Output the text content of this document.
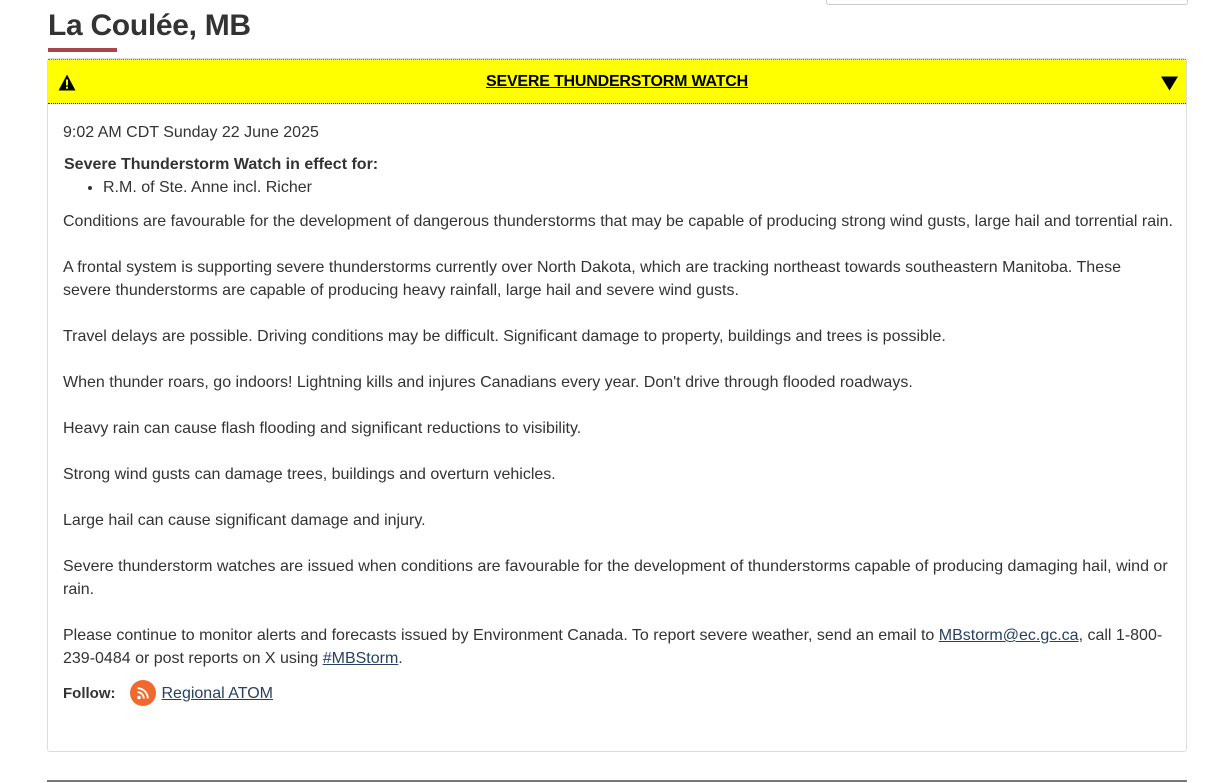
La Coulée, MB
SEVERE THUNDERSTORM WATCH

9:02 AM CDT Sunday 22 June 2025

Severe Thunderstorm Watch in effect for:

• R.M. of Ste. Anne incl. Richer

Conditions are favourable for the development of dangerous thunderstorms that may be capable of producing strong wind gusts, large hail and torrential rain.

A frontal system is supporting severe thunderstorms currently over North Dakota, which are tracking northeast towards southeastern Manitoba. These severe thunderstorms are capable of producing heavy rainfall, large hail and severe wind gusts.

Travel delays are possible. Driving conditions may be difficult. Significant damage to property, buildings and trees is possible.

When thunder roars, go indoors! Lightning kills and injures Canadians every year. Don't drive through flooded roadways.

Heavy rain can cause flash flooding and significant reductions to visibility.

Strong wind gusts can damage trees, buildings and overturn vehicles.

Large hail can cause significant damage and injury.

Severe thunderstorm watches are issued when conditions are favourable for the development of thunderstorms capable of producing damaging hail, wind or rain.

Please continue to monitor alerts and forecasts issued by Environment Canada. To report severe weather, send an email to MBstorm@ec.gc.ca, call 1-800-239-0484 or post reports on X using #MBStorm.

Follow:	Regional ATOM
